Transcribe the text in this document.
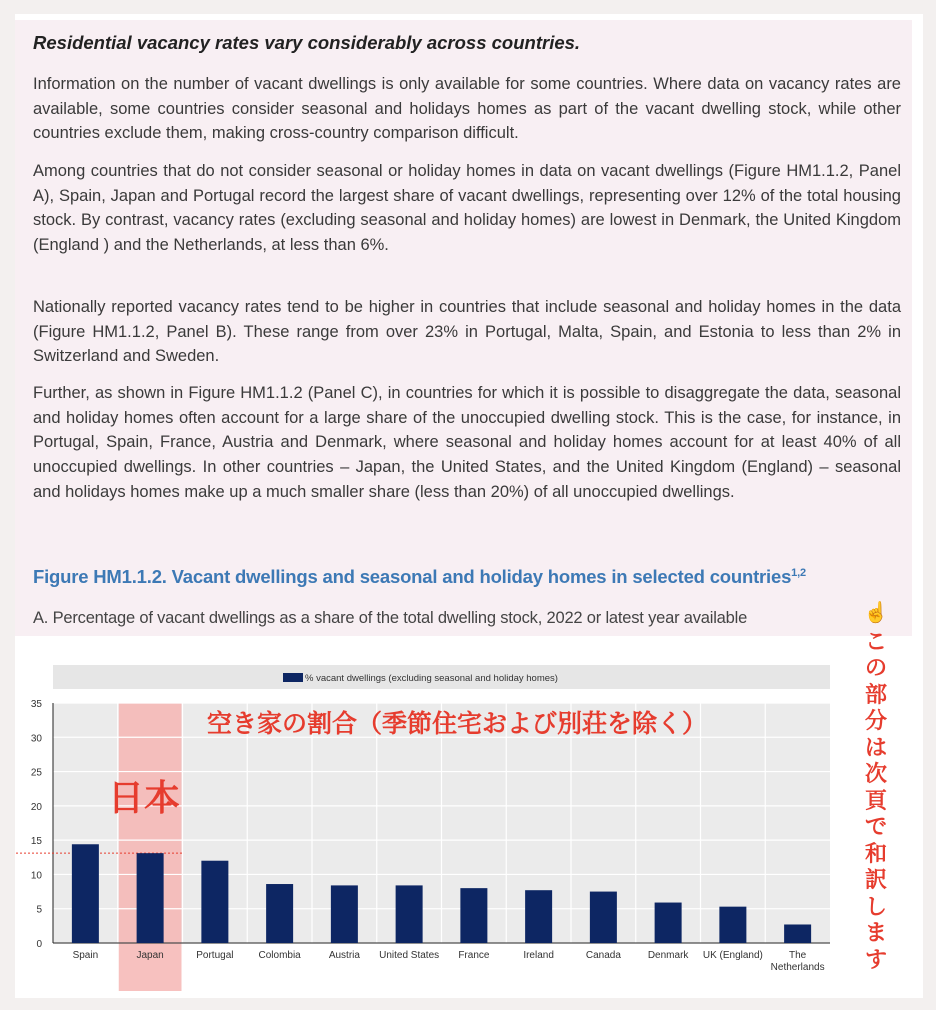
Residential vacancy rates vary considerably across countries.
Information on the number of vacant dwellings is only available for some countries. Where data on vacancy rates are available, some countries consider seasonal and holidays homes as part of the vacant dwelling stock, while other countries exclude them, making cross-country comparison difficult.
Among countries that do not consider seasonal or holiday homes in data on vacant dwellings (Figure HM1.1.2, Panel A), Spain, Japan and Portugal record the largest share of vacant dwellings, representing over 12% of the total housing stock. By contrast, vacancy rates (excluding seasonal and holiday homes) are lowest in Denmark, the United Kingdom (England ) and the Netherlands, at less than 6%.
Nationally reported vacancy rates tend to be higher in countries that include seasonal and holiday homes in the data (Figure HM1.1.2, Panel B). These range from over 23% in Portugal, Malta, Spain, and Estonia to less than 2% in Switzerland and Sweden.
Further, as shown in Figure HM1.1.2 (Panel C), in countries for which it is possible to disaggregate the data, seasonal and holiday homes often account for a large share of the unoccupied dwelling stock. This is the case, for instance, in Portugal, Spain, France, Austria and Denmark, where seasonal and holiday homes account for at least 40% of all unoccupied dwellings. In other countries – Japan, the United States, and the United Kingdom (England) – seasonal and holidays homes make up a much smaller share (less than 20%) of all unoccupied dwellings.
Figure HM1.1.2. Vacant dwellings and seasonal and holiday homes in selected countries$^{1,2}$
A. Percentage of vacant dwellings as a share of the total dwelling stock, 2022 or latest year available	☝
こ
の
部
分
は
次
頁
で
和
訳
し
ま
す
% vacant dwellings (excluding seasonal and holiday homes)
0
5
10
15
20
25
30
35
Spain	Japan	Portugal	Colombia	Austria United States France	Ireland	Canada	Denmark UK (England)	The Netherlands
空き家の割合（季節住宅および別荘を除く）
日本
